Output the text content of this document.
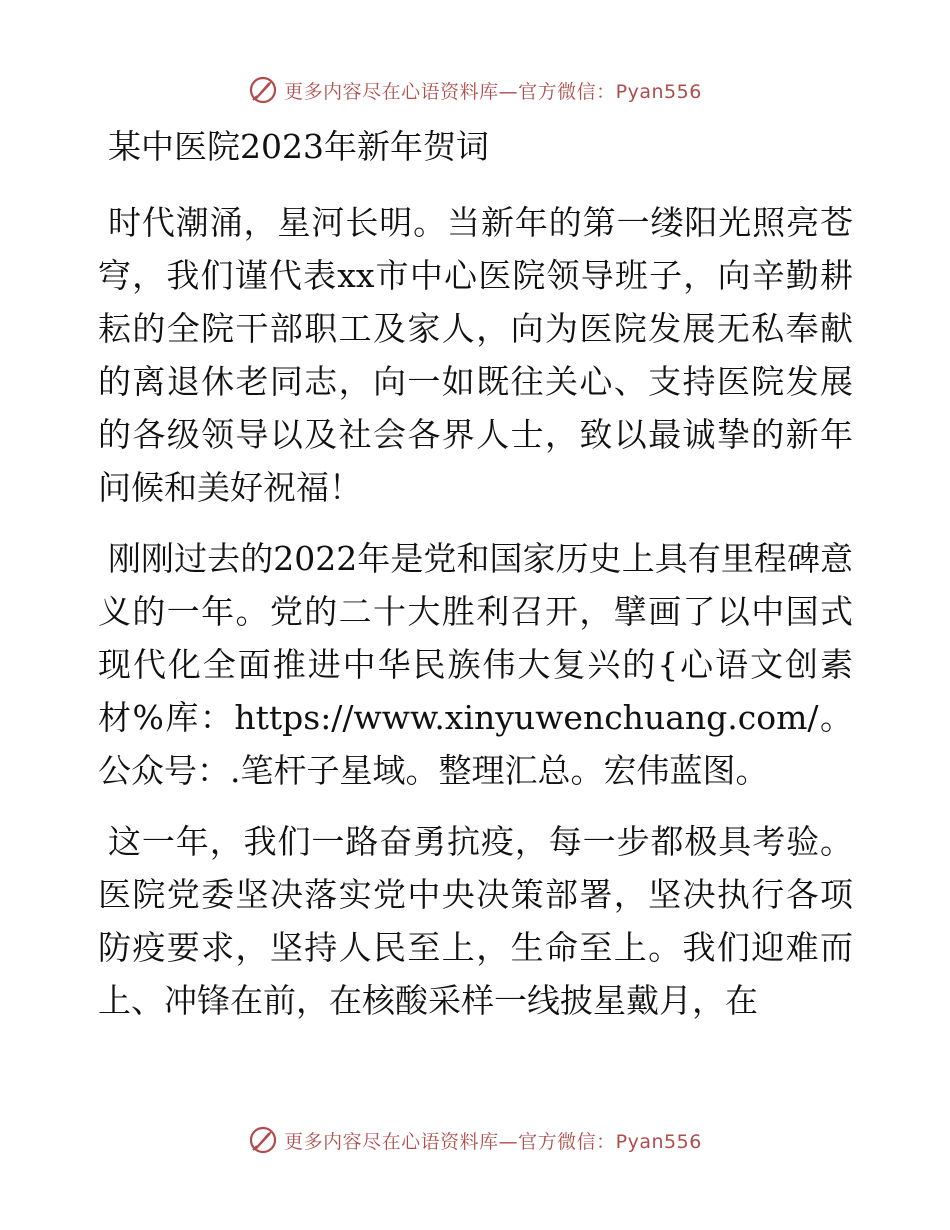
更多内容尽在心语资料库—官方微信：Pyan556
某中医院2023年新年贺词

时代潮涌，星河长明。当新年的第一缕阳光照亮苍穹，我们谨代表xx市中心医院领导班子，向辛勤耕耘的全院干部职工及家人，向为医院发展无私奉献的离退休老同志，向一如既往关心、支持医院发展的各级领导以及社会各界人士，致以最诚挚的新年问候和美好祝福！

刚刚过去的2022年是党和国家历史上具有里程碑意义的一年。党的二十大胜利召开，擘画了以中国式现代化全面推进中华民族伟大复兴的{心语文创素材%库：https://www.xinyuwenchuang.com/。公众号：.笔杆子星域。整理汇总。宏伟蓝图。

这一年，我们一路奋勇抗疫，每一步都极具考验。医院党委坚决落实党中央决策部署，坚决执行各项防疫要求，坚持人民至上，生命至上。我们迎难而上、冲锋在前，在核酸采样一线披星戴月，在

更多内容尽在心语资料库—官方微信：Pyan556
